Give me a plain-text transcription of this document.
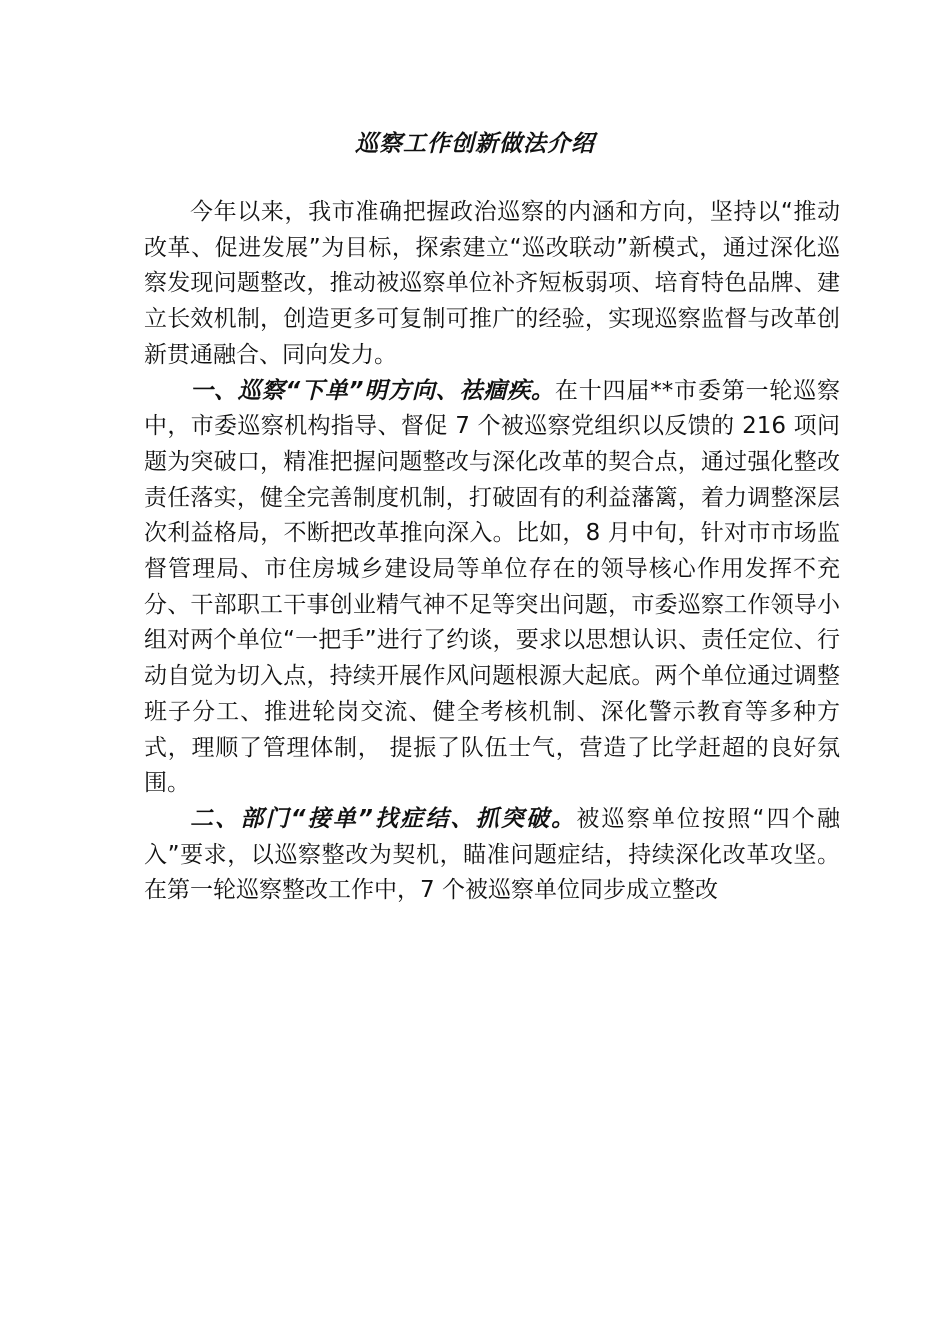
巡察工作创新做法介绍

今年以来，我市准确把握政治巡察的内涵和方向，坚持以“推动改革、促进发展”为目标，探索建立“巡改联动”新模式，通过深化巡察发现问题整改，推动被巡察单位补齐短板弱项、培育特色品牌、建立长效机制，创造更多可复制可推广的经验，实现巡察监督与改革创新贯通融合、同向发力。

一、巡察“下单”明方向、祛痼疾。在十四届**市委第一轮巡察中，市委巡察机构指导、督促 7 个被巡察党组织以反馈的 216 项问题为突破口，精准把握问题整改与深化改革的契合点，通过强化整改责任落实，健全完善制度机制，打破固有的利益藩篱，着力调整深层次利益格局，不断把改革推向深入。比如，8 月中旬，针对市市场监督管理局、市住房城乡建设局等单位存在的领导核心作用发挥不充分、干部职工干事创业精气神不足等突出问题，市委巡察工作领导小组对两个单位“一把手”进行了约谈，要求以思想认识、责任定位、行动自觉为切入点，持续开展作风问题根源大起底。两个单位通过调整班子分工、推进轮岗交流、健全考核机制、深化警示教育等多种方式，理顺了管理体制， 提振了队伍士气，营造了比学赶超的良好氛围。

二、部门“接单”找症结、抓突破。被巡察单位按照“四个融入”要求，以巡察整改为契机，瞄准问题症结，持续深化改革攻坚。在第一轮巡察整改工作中，7 个被巡察单位同步成立整改
